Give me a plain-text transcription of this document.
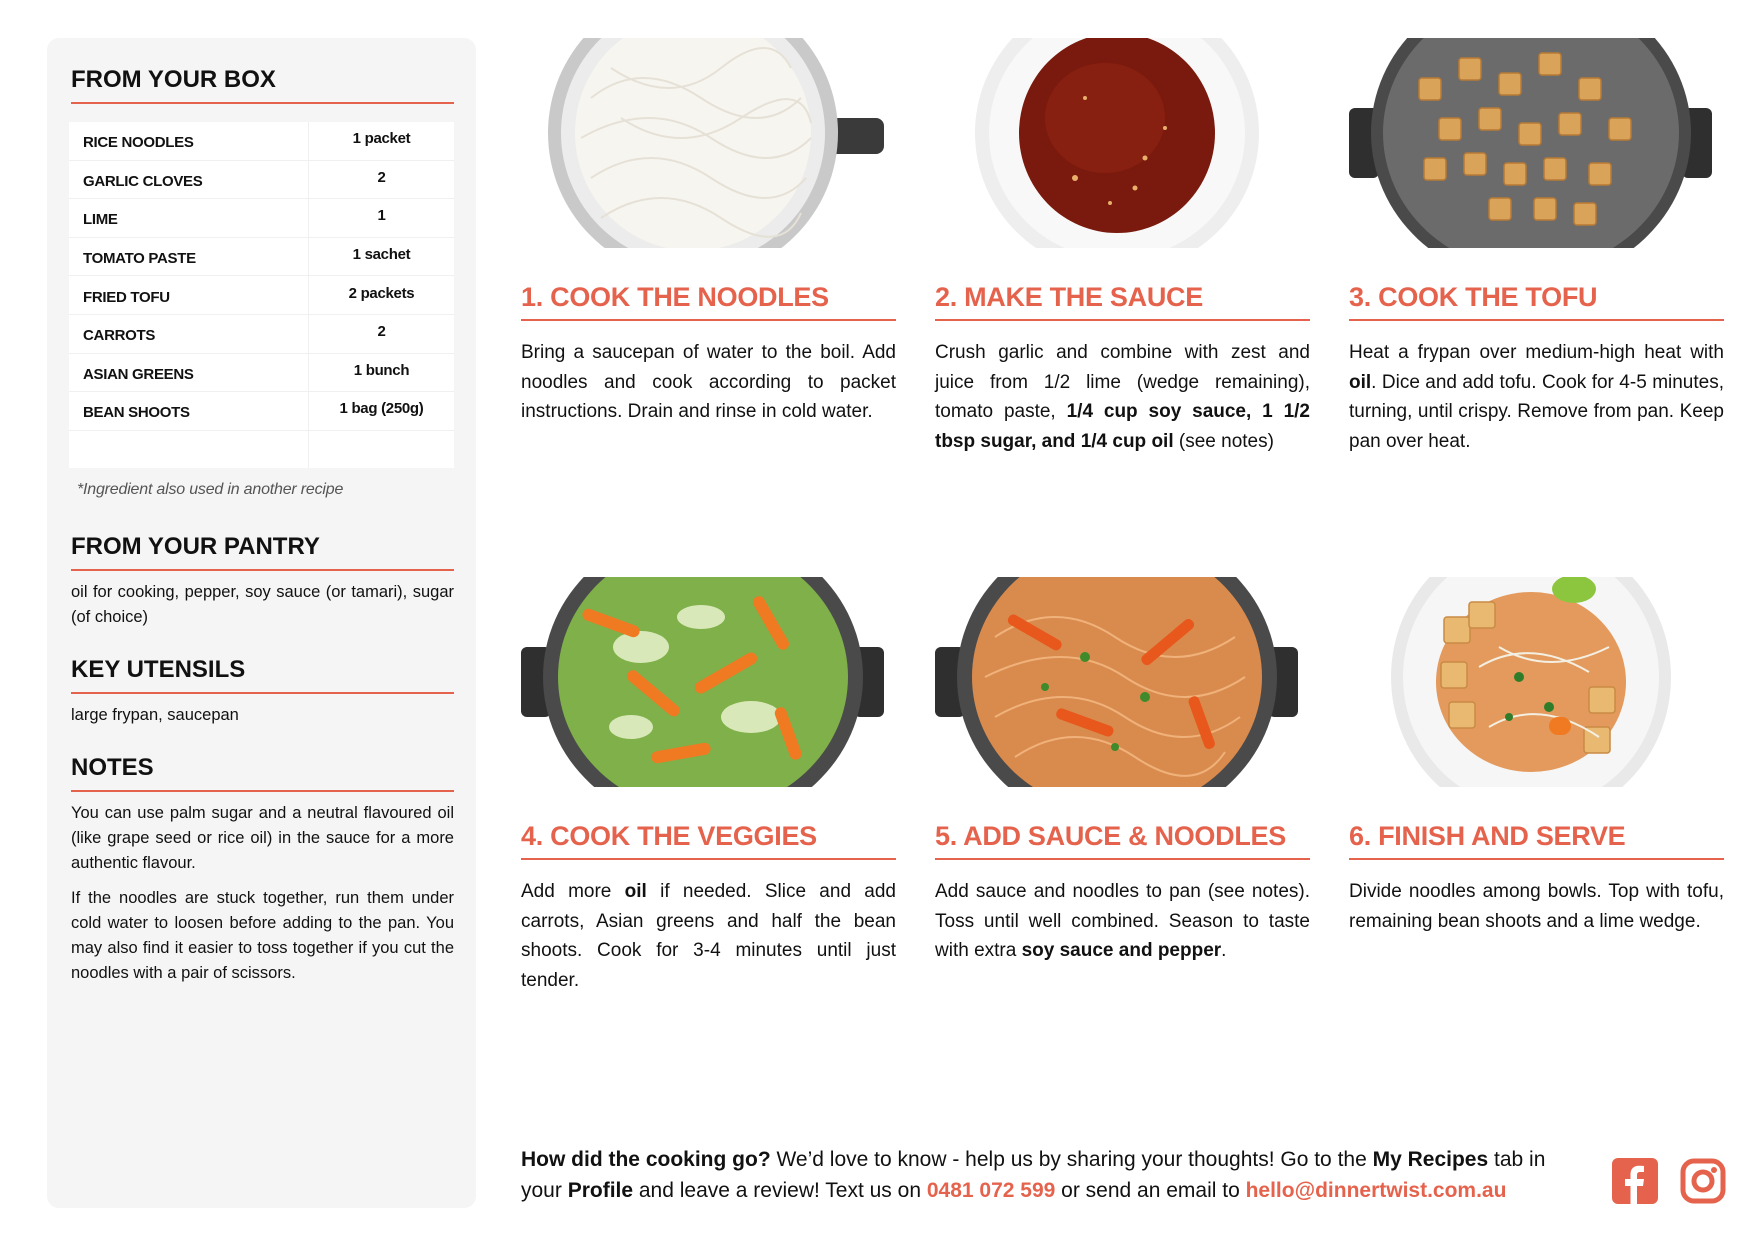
FROM YOUR BOX
RICE NOODLES	1 packet
GARLIC CLOVES	2
LIME	1
TOMATO PASTE	1 sachet
FRIED TOFU	2 packets
CARROTS	2
ASIAN GREENS	1 bunch
BEAN SHOOTS	1 bag (250g)
*Ingredient also used in another recipe
FROM YOUR PANTRY
oil for cooking, pepper, soy sauce (or tamari), sugar (of choice)
KEY UTENSILS
large frypan, saucepan
NOTES
You can use palm sugar and a neutral flavoured oil (like grape seed or rice oil) in the sauce for a more authentic flavour.
If the noodles are stuck together, run them under cold water to loosen before adding to the pan. You may also find it easier to toss together if you cut the noodles with a pair of scissors.
1. COOK THE NOODLES
Bring a saucepan of water to the boil. Add noodles and cook according to packet instructions. Drain and rinse in cold water.
2. MAKE THE SAUCE
Crush garlic and combine with zest and juice from 1/2 lime (wedge remaining), tomato paste, 1/4 cup soy sauce, 1 1/2 tbsp sugar, and 1/4 cup oil (see notes)
3. COOK THE TOFU
Heat a frypan over medium-high heat with oil. Dice and add tofu. Cook for 4-5 minutes, turning, until crispy. Remove from pan. Keep pan over heat.
4. COOK THE VEGGIES
Add more oil if needed. Slice and add carrots, Asian greens and half the bean shoots. Cook for 3-4 minutes until just tender.
5. ADD SAUCE & NOODLES
Add sauce and noodles to pan (see notes). Toss until well combined. Season to taste with extra soy sauce and pepper.
6. FINISH AND SERVE
Divide noodles among bowls. Top with tofu, remaining bean shoots and a lime wedge.
How did the cooking go? We’d love to know - help us by sharing your thoughts! Go to the My Recipes tab in your Profile and leave a review! Text us on 0481 072 599 or send an email to hello@dinnertwist.com.au
